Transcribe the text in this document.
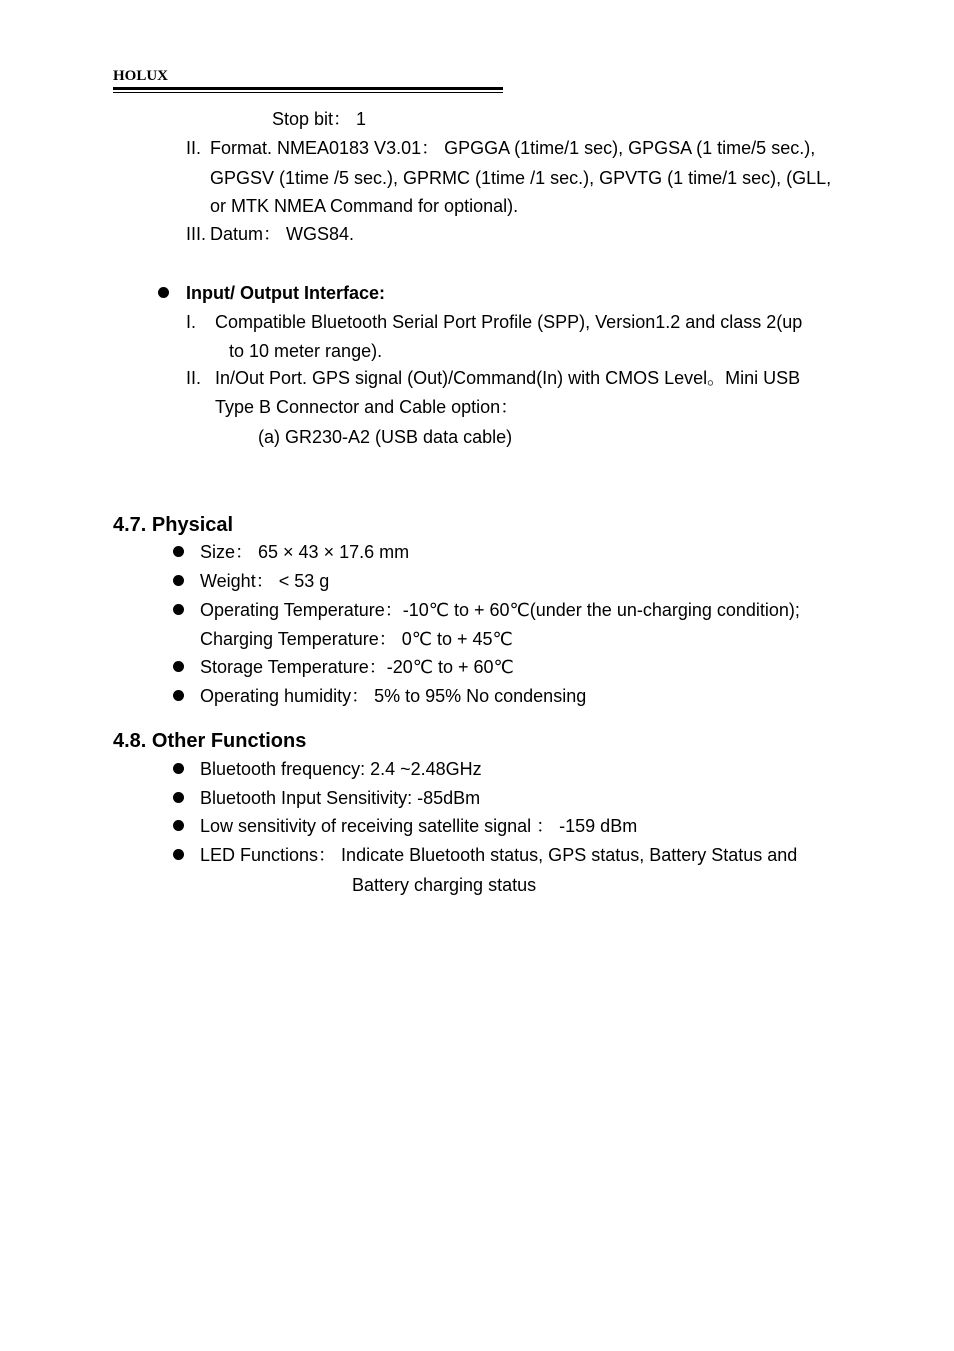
HOLUX
Stop bit： 1
II. Format. NMEA0183 V3.01： GPGGA (1time/1 sec), GPGSA (1 time/5 sec.),
GPGSV (1time /5 sec.), GPRMC (1time /1 sec.), GPVTG (1 time/1 sec), (GLL,
or MTK NMEA Command for optional).
III. Datum： WGS84.
Input/ Output Interface:
I. Compatible Bluetooth Serial Port Profile (SPP), Version1.2 and class 2(up
to 10 meter range).
II. In/Out Port. GPS signal (Out)/Command(In) with CMOS Level。Mini USB
Type B Connector and Cable option：
(a) GR230-A2 (USB data cable)
4.7. Physical
Size： 65 × 43 × 17.6 mm
Weight： < 53 g
Operating Temperature：-10℃ to + 60℃(under the un-charging condition);
Charging Temperature： 0℃ to + 45℃
Storage Temperature：-20℃ to + 60℃
Operating humidity： 5% to 95% No condensing
4.8. Other Functions
Bluetooth frequency: 2.4 ~2.48GHz
Bluetooth Input Sensitivity: -85dBm
Low sensitivity of receiving satellite signal ： -159 dBm
LED Functions： Indicate Bluetooth status, GPS status, Battery Status and
Battery charging status
